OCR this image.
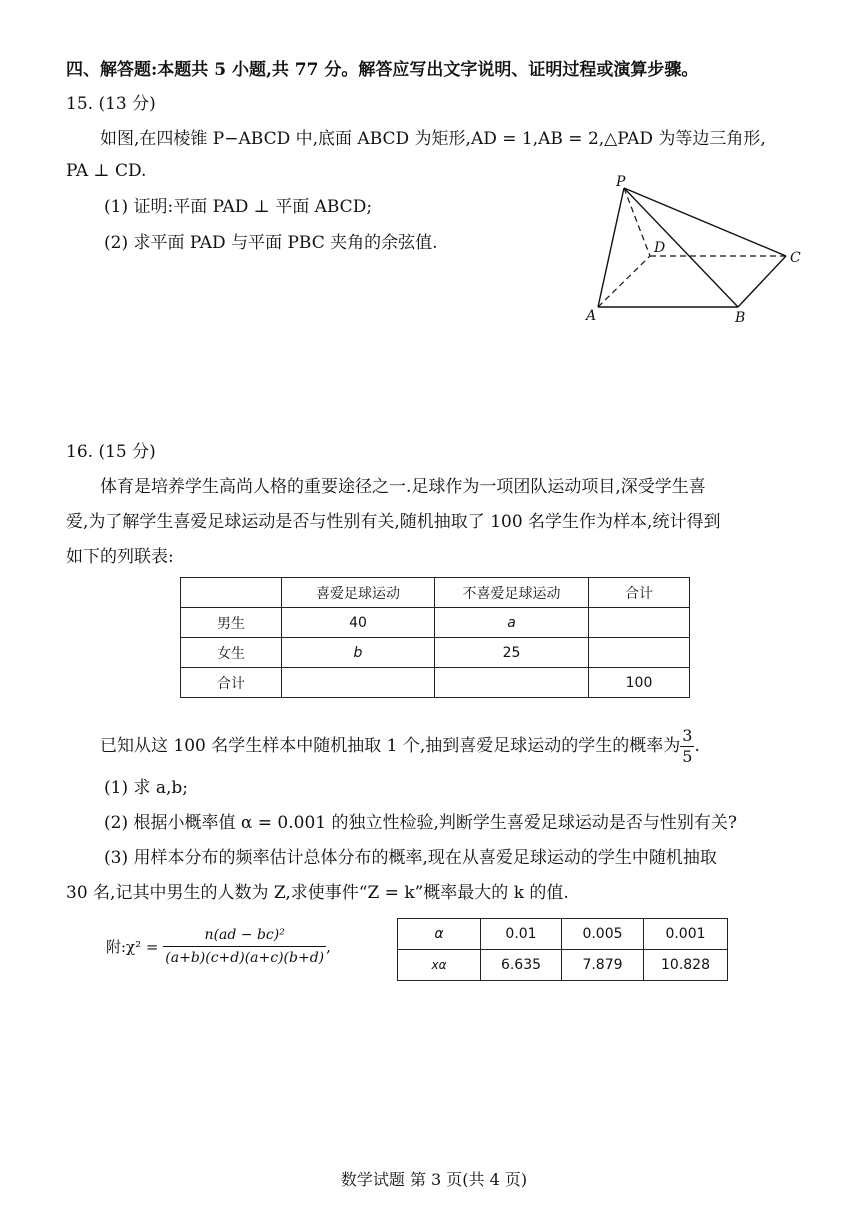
四、解答题:本题共 5 小题,共 77 分。解答应写出文字说明、证明过程或演算步骤。
15. (13 分)
如图,在四棱锥 P−ABCD 中,底面 ABCD 为矩形,AD = 1,AB = 2,△PAD 为等边三角形,
PA ⊥ CD.
(1) 证明:平面 PAD ⊥ 平面 ABCD;
(2) 求平面 PAD 与平面 PBC 夹角的余弦值.
P
A	B
C
D
16. (15 分)
体育是培养学生高尚人格的重要途径之一.足球作为一项团队运动项目,深受学生喜
爱,为了解学生喜爱足球运动是否与性别有关,随机抽取了 100 名学生作为样本,统计得到
如下的列联表:
	喜爱足球运动	不喜爱足球运动	合计
男生	40	a	
女生	b	25	
合计			100
已知从这 100 名学生样本中随机抽取 1 个,抽到喜爱足球运动的学生的概率为 $\frac{3}{5}$ .
(1) 求 a,b;
(2) 根据小概率值 α = 0.001 的独立性检验,判断学生喜爱足球运动是否与性别有关?
(3) 用样本分布的频率估计总体分布的概率,现在从喜爱足球运动的学生中随机抽取
30 名,记其中男生的人数为 Z,求使事件“Z = k”概率最大的 k 的值.
附:χ² = $\frac{\text{n(ad − bc)²}}{(a+b)(c+d)(a+c)(b+d)}$ ,
α	0.01	0.005	0.001
xα	6.635	7.879	10.828
数学试题 第 3 页(共 4 页)
